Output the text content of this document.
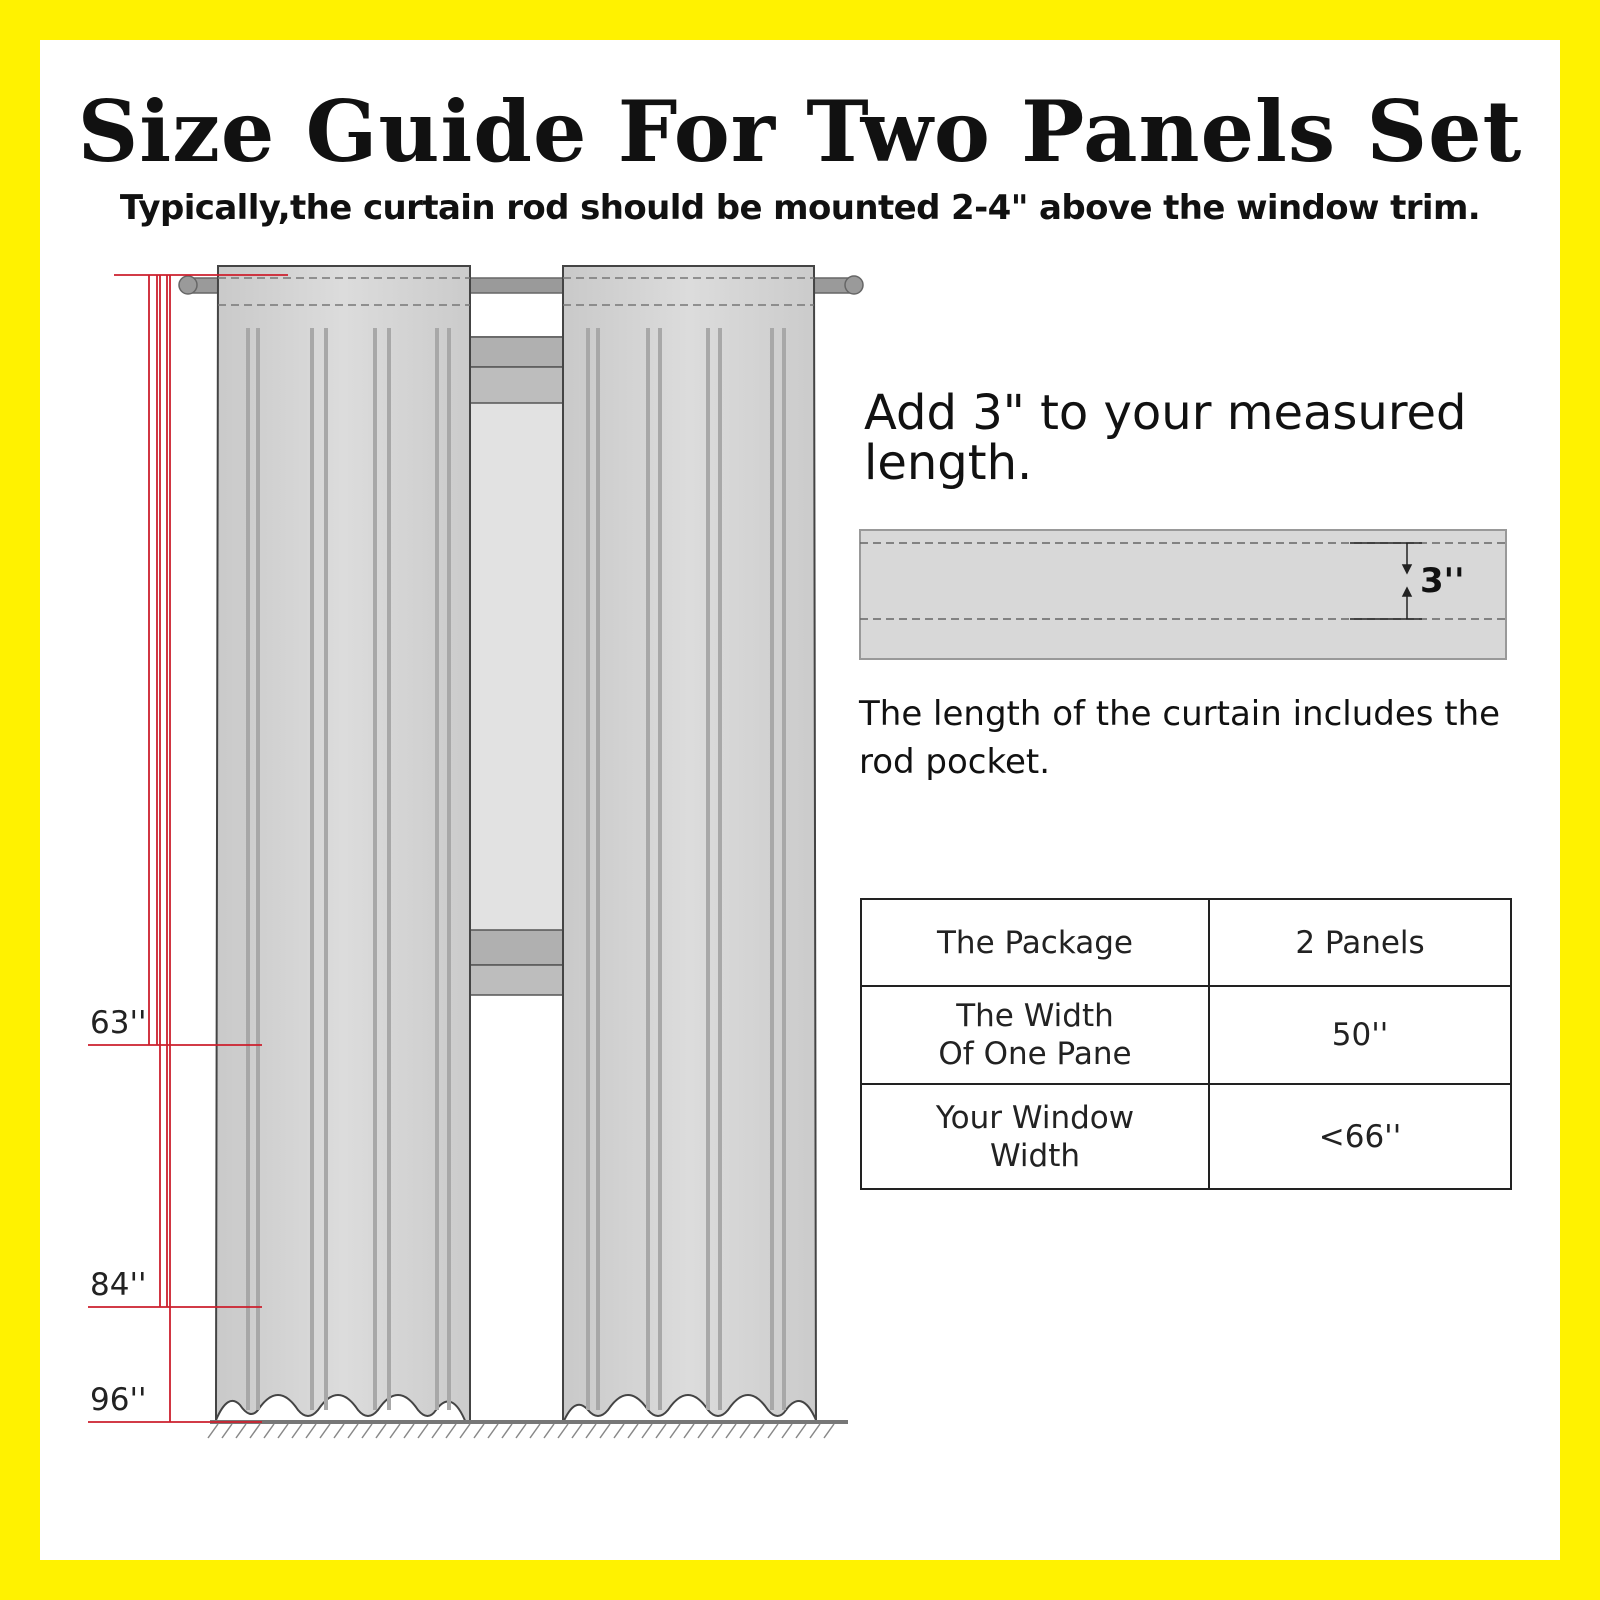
Size Guide For Two Panels Set
Typically,the curtain rod should be mounted 2-4" above the window trim.
63''
84''
96''
Add 3" to your measured length.
3''
The length of the curtain includes the rod pocket.
The Package	2 Panels
The Width
Of One Pane	50''
Your Window
Width	<66''
